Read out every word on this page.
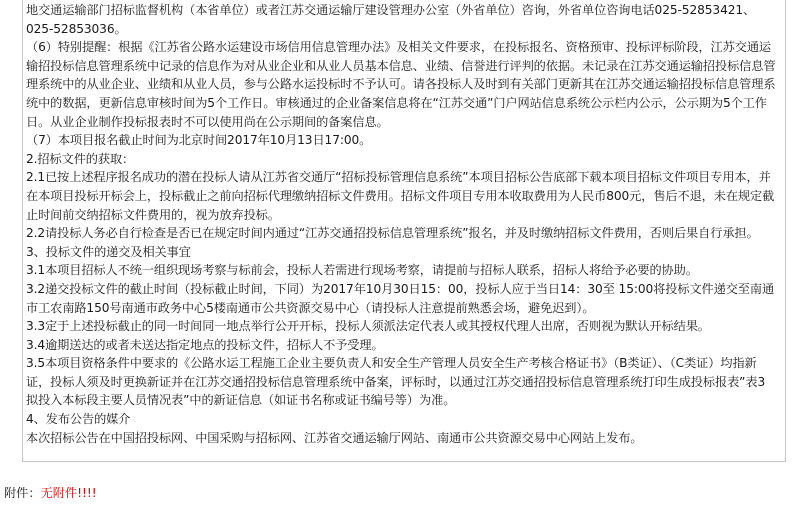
地交通运输部门招标监督机构（本省单位）或者江苏交通运输厅建设管理办公室（外省单位）咨询，外省单位咨询电话025-52853421、025-52853036。

（6）特别提醒：根据《江苏省公路水运建设市场信用信息管理办法》及相关文件要求，在投标报名、资格预审、投标评标阶段，江苏交通运输招投标信息管理系统中记录的信息作为对从业企业和从业人员基本信息、业绩、信誉进行评判的依据。未记录在江苏交通运输招投标信息管理系统中的从业企业、业绩和从业人员，参与公路水运投标时不予认可。请各投标人及时到有关部门更新其在江苏交通运输招投标信息管理系统中的数据，更新信息审核时间为5个工作日。审核通过的企业备案信息将在“江苏交通”门户网站信息系统公示栏内公示，公示期为5个工作日。从业企业制作投标报表时不可以使用尚在公示期间的备案信息。

（7）本项目报名截止时间为北京时间2017年10月13日17:00。

2.招标文件的获取：

2.1已按上述程序报名成功的潜在投标人请从江苏省交通厅“招标投标管理信息系统”本项目招标公告底部下载本项目招标文件项目专用本，并在本项目投标开标会上，投标截止之前向招标代理缴纳招标文件费用。招标文件项目专用本收取费用为人民币800元，售后不退，未在规定截止时间前交纳招标文件费用的，视为放弃投标。

2.2请投标人务必自行检查是否已在规定时间内通过“江苏交通招投标信息管理系统”报名，并及时缴纳招标文件费用，否则后果自行承担。

3、投标文件的递交及相关事宜

3.1本项目招标人不统一组织现场考察与标前会，投标人若需进行现场考察，请提前与招标人联系，招标人将给予必要的协助。

3.2递交投标文件的截止时间（投标截止时间，下同）为2017年10月30日15：00，投标人应于当日14：30至 15:00将投标文件递交至南通市工农南路150号南通市政务中心5楼南通市公共资源交易中心（请投标人注意提前熟悉会场，避免迟到）。

3.3定于上述投标截止的同一时间同一地点举行公开开标，投标人须派法定代表人或其授权代理人出席，否则视为默认开标结果。

3.4逾期送达的或者未送达指定地点的投标文件，招标人不予受理。

3.5本项目资格条件中要求的《公路水运工程施工企业主要负责人和安全生产管理人员安全生产考核合格证书》（B类证）、（C类证）均指新证，投标人须及时更换新证并在江苏交通招投标信息管理系统中备案，评标时，以通过江苏交通招投标信息管理系统打印生成投标报表”表3 拟投入本标段主要人员情况表”中的新证信息（如证书名称或证书编号等）为准。

4、发布公告的媒介

本次招标公告在中国招投标网、中国采购与招标网、江苏省交通运输厅网站、南通市公共资源交易中心网站上发布。

附件：无附件!!!!
